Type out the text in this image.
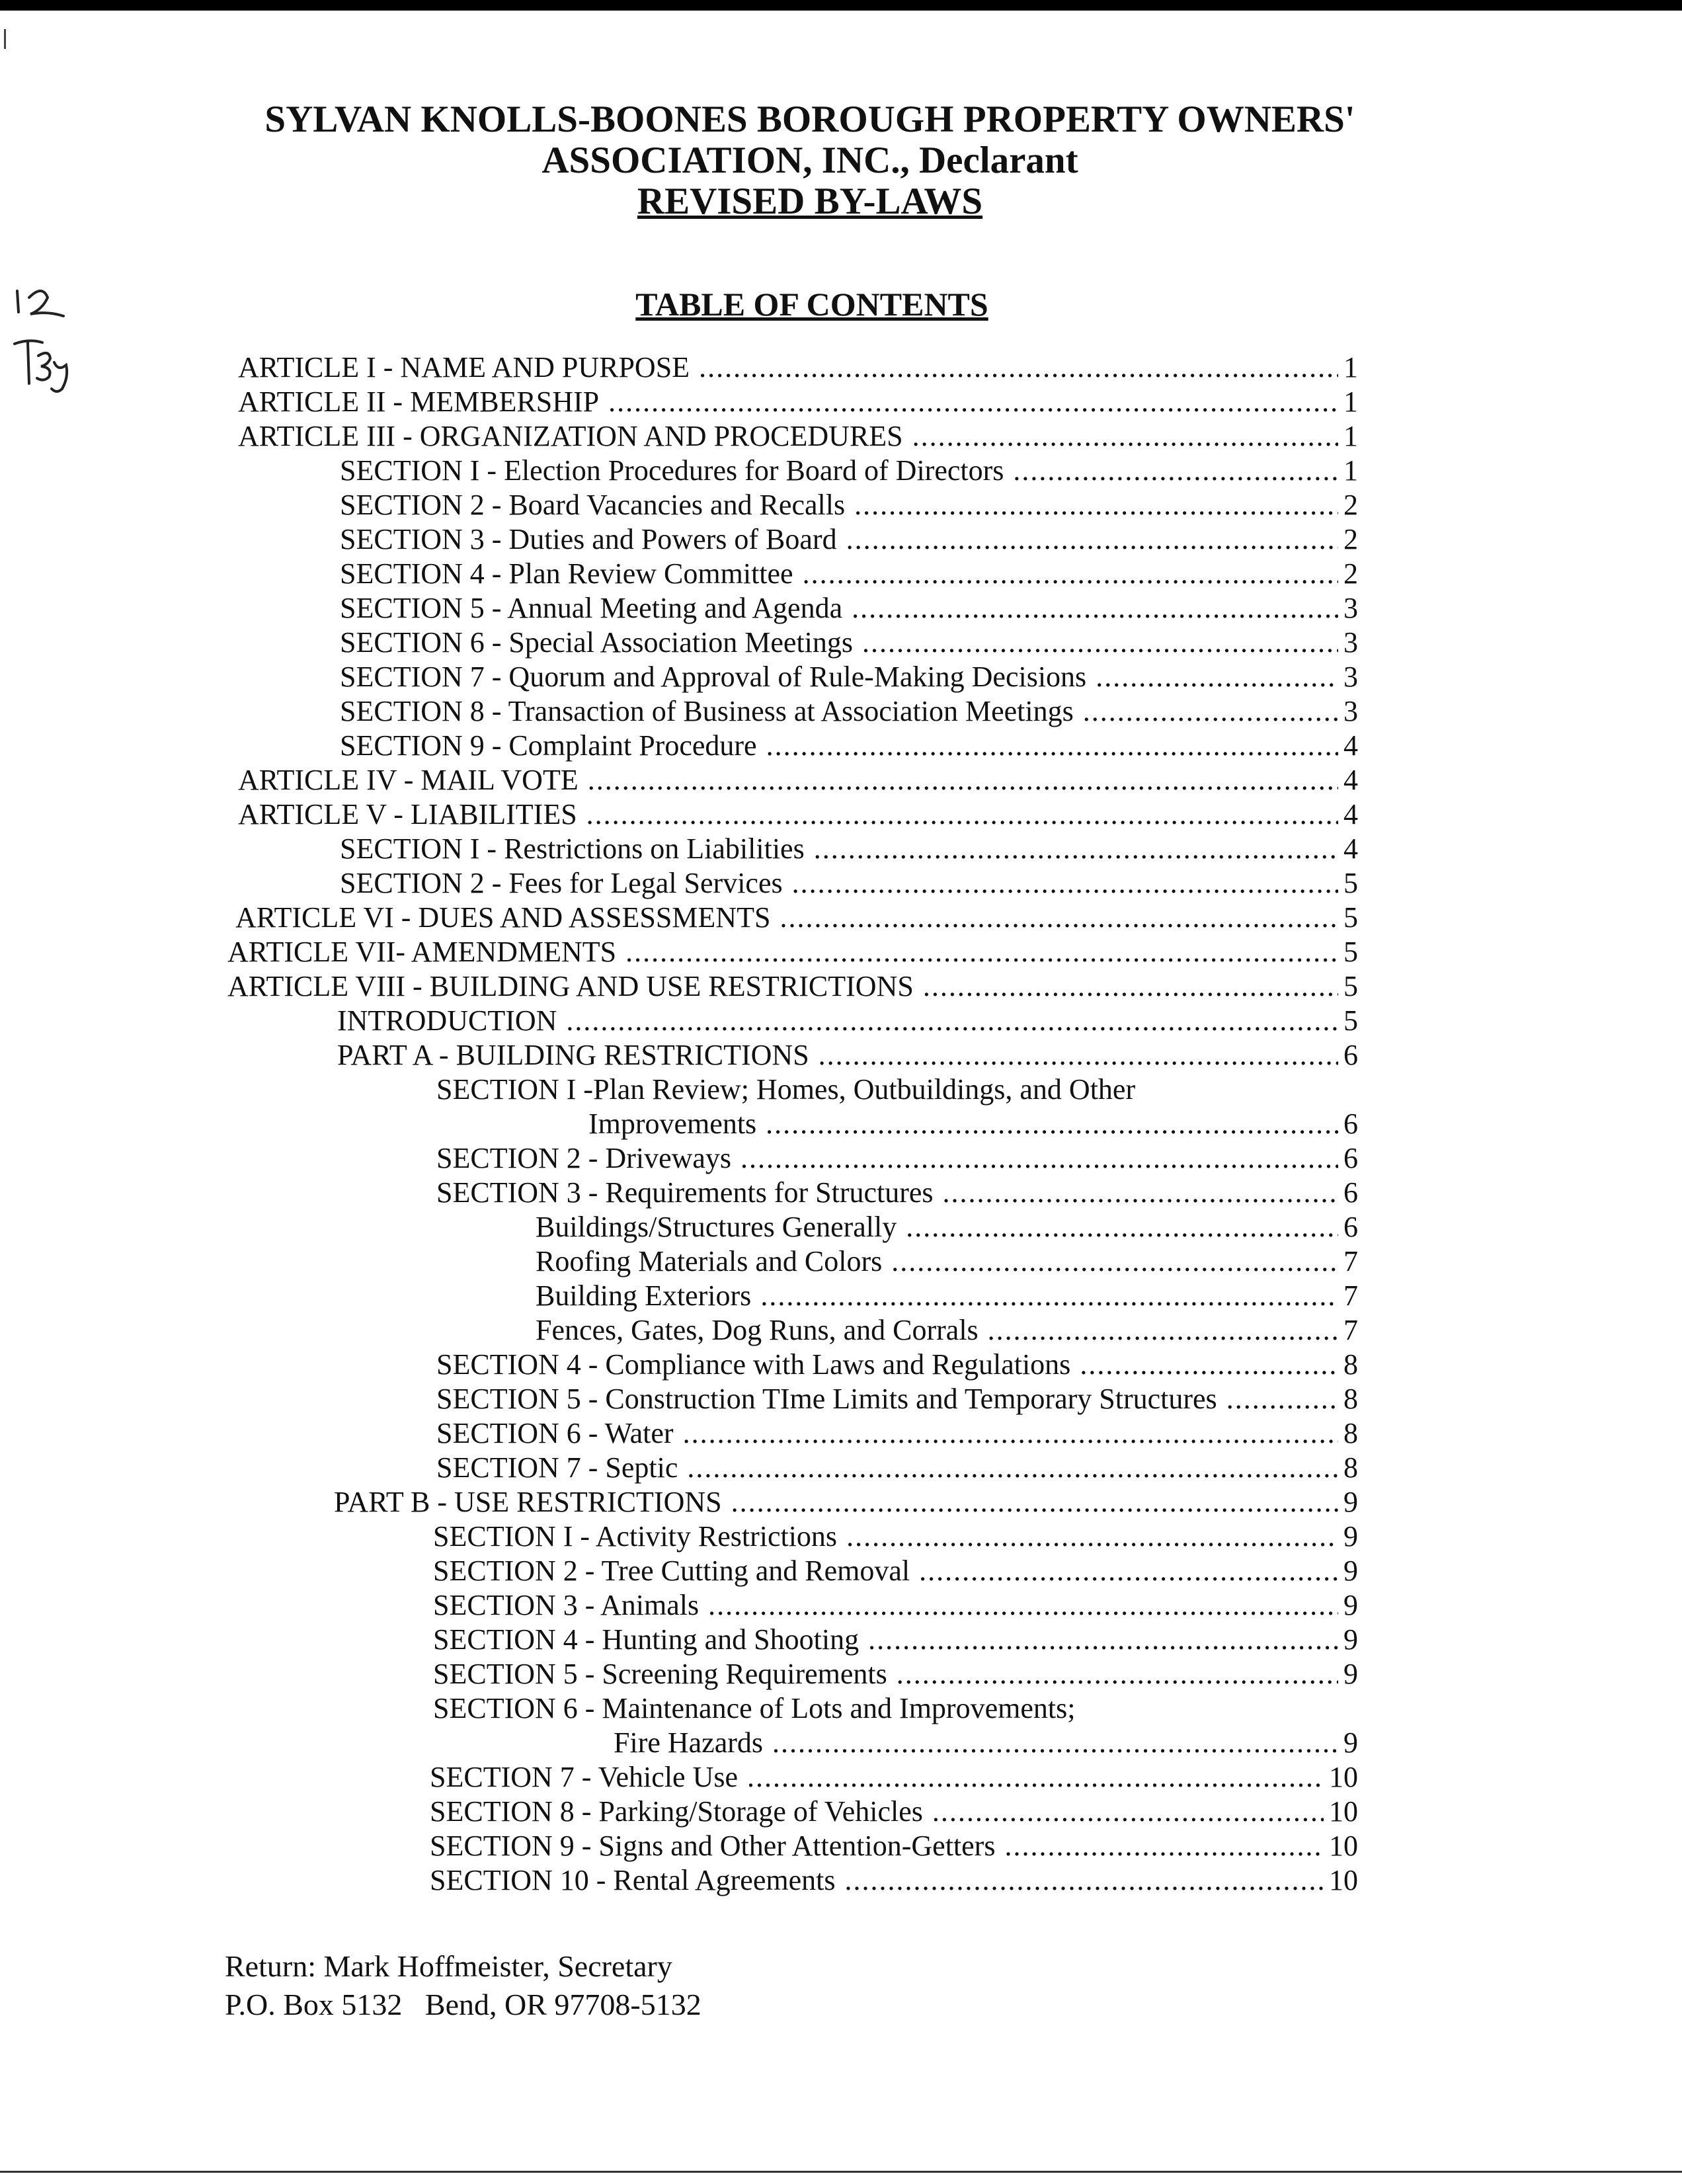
SYLVAN KNOLLS-BOONES BOROUGH PROPERTY OWNERS'
ASSOCIATION, INC., Declarant
REVISED BY-LAWS
TABLE OF CONTENTS
ARTICLE I - NAME AND PURPOSE .....	1
ARTICLE II - MEMBERSHIP .....	1
ARTICLE III - ORGANIZATION AND PROCEDURES .....	1
SECTION I - Election Procedures for Board of Directors .....	1
SECTION 2 - Board Vacancies and Recalls .....	2
SECTION 3 - Duties and Powers of Board .....	2
SECTION 4 - Plan Review Committee .....	2
SECTION 5 - Annual Meeting and Agenda .....	3
SECTION 6 - Special Association Meetings .....	3
SECTION 7 - Quorum and Approval of Rule-Making Decisions .....	3
SECTION 8 - Transaction of Business at Association Meetings .....	3
SECTION 9 - Complaint Procedure .....	4
ARTICLE IV - MAIL VOTE .....	4
ARTICLE V - LIABILITIES .....	4
SECTION I - Restrictions on Liabilities .....	4
SECTION 2 - Fees for Legal Services .....	5
ARTICLE VI - DUES AND ASSESSMENTS .....	5
ARTICLE VII- AMENDMENTS .....	5
ARTICLE VIII - BUILDING AND USE RESTRICTIONS .....	5
INTRODUCTION .....	5
PART A - BUILDING RESTRICTIONS .....	6
SECTION I -Plan Review; Homes, Outbuildings, and Other
Improvements .....	6
SECTION 2 - Driveways .....	6
SECTION 3 - Requirements for Structures .....	6
Buildings/Structures Generally .....	6
Roofing Materials and Colors .....	7
Building Exteriors .....	7
Fences, Gates, Dog Runs, and Corrals .....	7
SECTION 4 - Compliance with Laws and Regulations .....	8
SECTION 5 - Construction TIme Limits and Temporary Structures .....	8
SECTION 6 - Water .....	8
SECTION 7 - Septic .....	8
PART B - USE RESTRICTIONS .....	9
SECTION I - Activity Restrictions .....	9
SECTION 2 - Tree Cutting and Removal .....	9
SECTION 3 - Animals .....	9
SECTION 4 - Hunting and Shooting .....	9
SECTION 5 - Screening Requirements .....	9
SECTION 6 - Maintenance of Lots and Improvements;
Fire Hazards .....	9
SECTION 7 - Vehicle Use .....	10
SECTION 8 - Parking/Storage of Vehicles .....	10
SECTION 9 - Signs and Other Attention-Getters .....	10
SECTION 10 - Rental Agreements .....	10
Return: Mark Hoffmeister, Secretary
P.O. Box 5132   Bend, OR 97708-5132
